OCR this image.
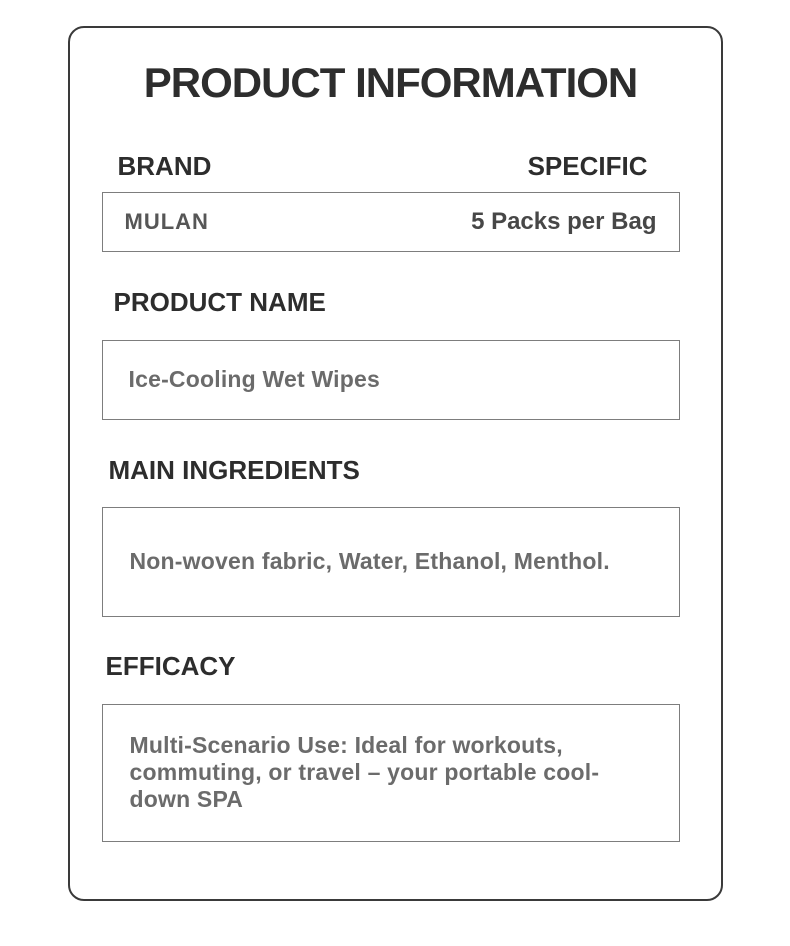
PRODUCT INFORMATION
BRAND	SPECIFIC
MULAN	5 Packs per Bag
PRODUCT NAME
Ice-Cooling Wet Wipes
MAIN INGREDIENTS
Non-woven fabric, Water, Ethanol, Menthol.
EFFICACY
Multi-Scenario Use: Ideal for workouts, commuting, or travel – your portable cool-down SPA
